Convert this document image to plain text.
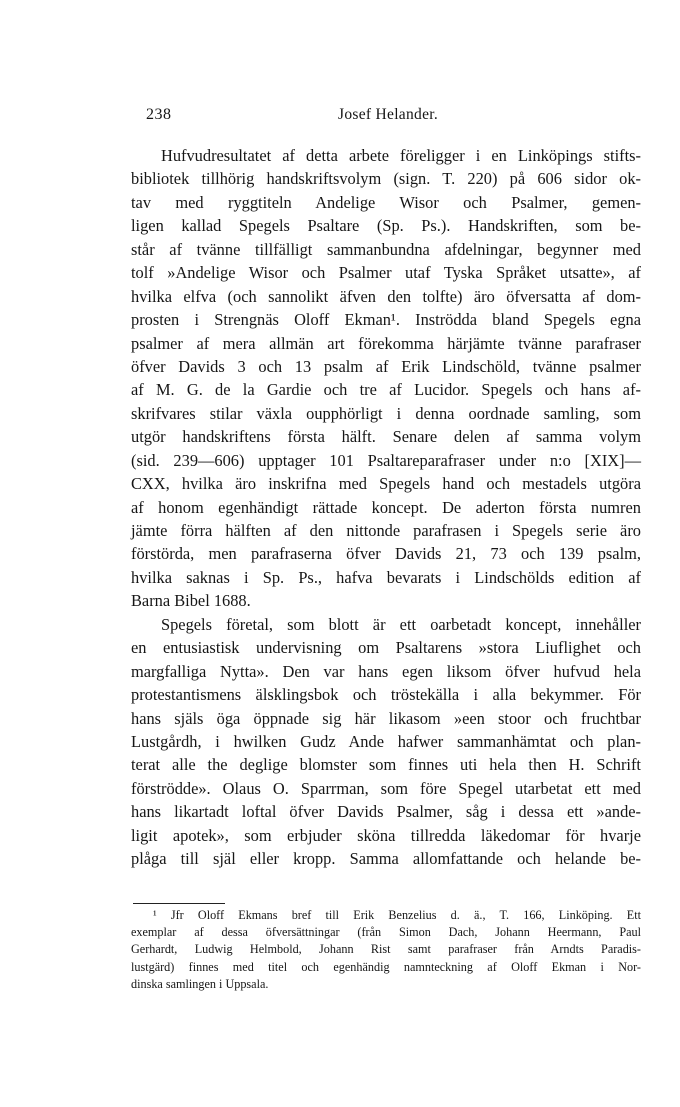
238	Josef Helander.
Hufvudresultatet af detta arbete föreligger i en Linköpings stifts-
bibliotek tillhörig handskriftsvolym (sign. T. 220) på 606 sidor ok-
tav med ryggtiteln Andelige Wisor och Psalmer, gemen-
ligen kallad Spegels Psaltare (Sp. Ps.). Handskriften, som be-
står af tvänne tillfälligt sammanbundna afdelningar, begynner med
tolf »Andelige Wisor och Psalmer utaf Tyska Språket utsatte», af
hvilka elfva (och sannolikt äfven den tolfte) äro öfversatta af dom-
prosten i Strengnäs Oloff Ekman¹. Inströdda bland Spegels egna
psalmer af mera allmän art förekomma härjämte tvänne parafraser
öfver Davids 3 och 13 psalm af Erik Lindschöld, tvänne psalmer
af M. G. de la Gardie och tre af Lucidor. Spegels och hans af-
skrifvares stilar växla oupphörligt i denna oordnade samling, som
utgör handskriftens första hälft. Senare delen af samma volym
(sid. 239—606) upptager 101 Psaltareparafraser under n:o [XIX]—
CXX, hvilka äro inskrifna med Spegels hand och mestadels utgöra
af honom egenhändigt rättade koncept. De aderton första numren
jämte förra hälften af den nittonde parafrasen i Spegels serie äro
förstörda, men parafraserna öfver Davids 21, 73 och 139 psalm,
hvilka saknas i Sp. Ps., hafva bevarats i Lindschölds edition af
Barna Bibel 1688.
Spegels företal, som blott är ett oarbetadt koncept, innehåller
en entusiastisk undervisning om Psaltarens »stora Liuflighet och
margfalliga Nytta». Den var hans egen liksom öfver hufvud hela
protestantismens älsklingsbok och tröstekälla i alla bekymmer. För
hans själs öga öppnade sig här likasom »een stoor och fruchtbar
Lustgårdh, i hwilken Gudz Ande hafwer sammanhämtat och plan-
terat alle the deglige blomster som finnes uti hela then H. Schrift
förströdde». Olaus O. Sparrman, som före Spegel utarbetat ett med
hans likartadt loftal öfver Davids Psalmer, såg i dessa ett »ande-
ligit apotek», som erbjuder sköna tillredda läkedomar för hvarje
plåga till själ eller kropp. Samma allomfattande och helande be-
¹ Jfr Oloff Ekmans bref till Erik Benzelius d. ä., T. 166, Linköping. Ett
exemplar af dessa öfversättningar (från Simon Dach, Johann Heermann, Paul
Gerhardt, Ludwig Helmbold, Johann Rist samt parafraser från Arndts Paradis-
lustgärd) finnes med titel och egenhändig namnteckning af Oloff Ekman i Nor-
dinska samlingen i Uppsala.
